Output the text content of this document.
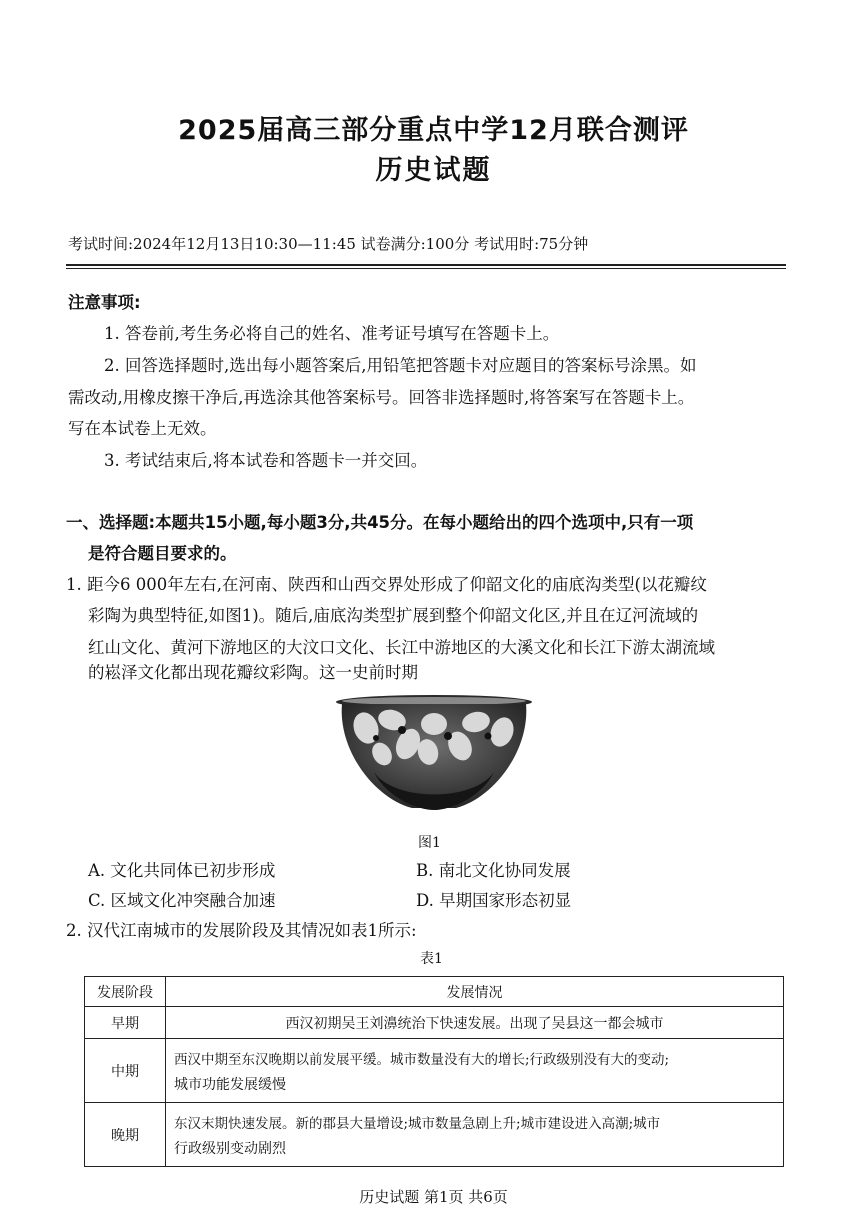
2025届高三部分重点中学12月联合测评
历史试题
考试时间:2024年12月13日10:30—11:45 试卷满分:100分 考试用时:75分钟
注意事项:
1. 答卷前,考生务必将自己的姓名、准考证号填写在答题卡上。
2. 回答选择题时,选出每小题答案后,用铅笔把答题卡对应题目的答案标号涂黑。如
需改动,用橡皮擦干净后,再选涂其他答案标号。回答非选择题时,将答案写在答题卡上。
写在本试卷上无效。
3. 考试结束后,将本试卷和答题卡一并交回。
一、选择题:本题共15小题,每小题3分,共45分。在每小题给出的四个选项中,只有一项
是符合题目要求的。
1. 距今6 000年左右,在河南、陕西和山西交界处形成了仰韶文化的庙底沟类型(以花瓣纹
彩陶为典型特征,如图1)。随后,庙底沟类型扩展到整个仰韶文化区,并且在辽河流域的
红山文化、黄河下游地区的大汶口文化、长江中游地区的大溪文化和长江下游太湖流域
的崧泽文化都出现花瓣纹彩陶。这一史前时期
图1
A. 文化共同体已初步形成	B. 南北文化协同发展
C. 区域文化冲突融合加速	D. 早期国家形态初显
2. 汉代江南城市的发展阶段及其情况如表1所示:
表1
发展阶段	发展情况
早期	西汉初期吴王刘濞统治下快速发展。出现了吴县这一都会城市
中期	西汉中期至东汉晚期以前发展平缓。城市数量没有大的增长;行政级别没有大的变动;
城市功能发展缓慢

晚期	东汉末期快速发展。新的郡县大量增设;城市数量急剧上升;城市建设进入高潮;城市
行政级别变动剧烈
历史试题 第1页 共6页
